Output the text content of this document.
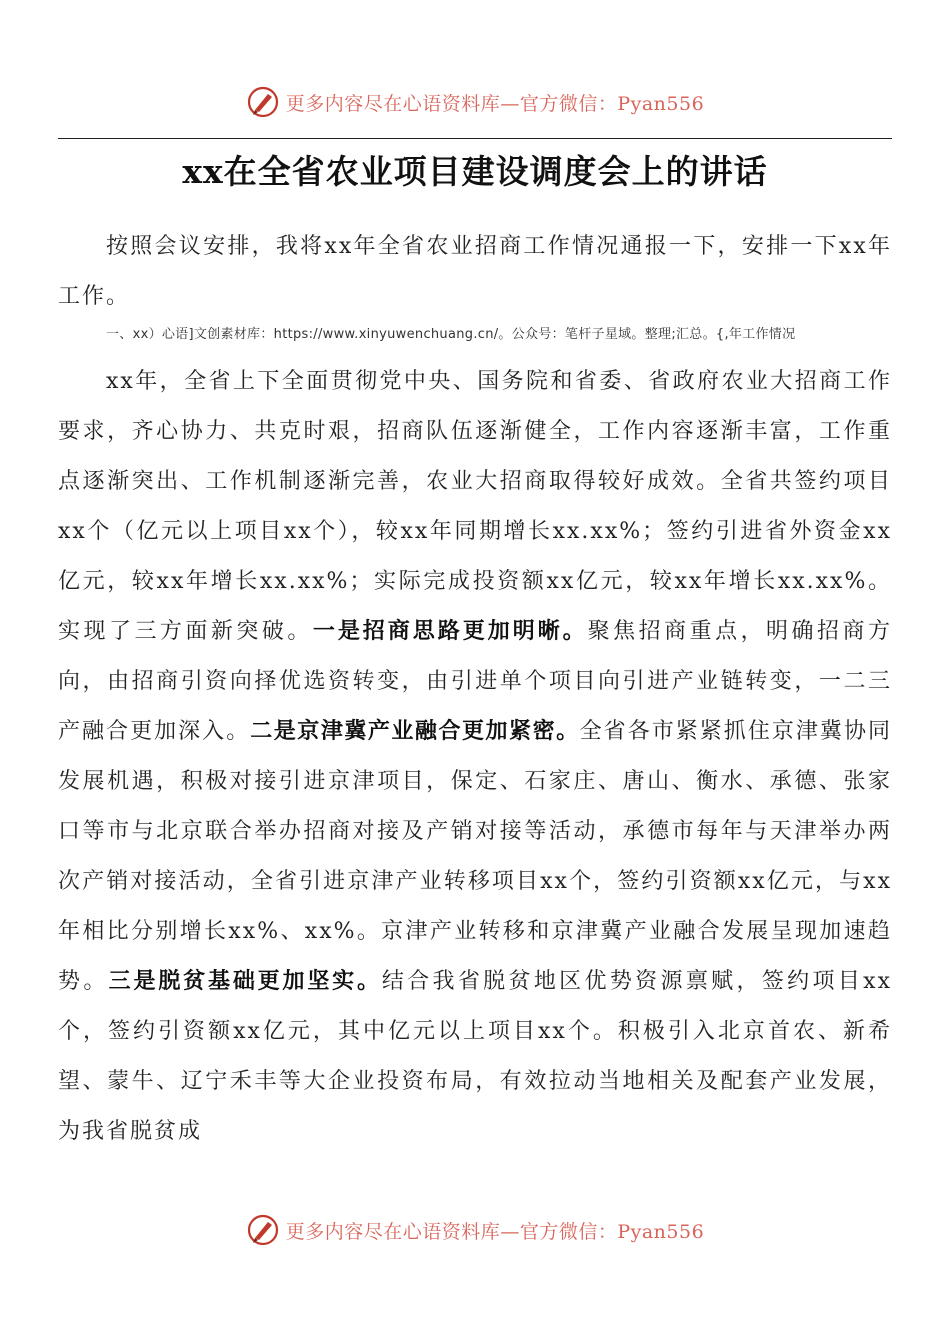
更多内容尽在心语资料库—官方微信：Pyan556
xx在全省农业项目建设调度会上的讲话

按照会议安排，我将xx年全省农业招商工作情况通报一下，安排一下xx年工作。

一、xx）心语]文创素材库：https://www.xinyuwenchuang.cn/。公众号：笔杆子星域。整理;汇总。{,年工作情况

xx年，全省上下全面贯彻党中央、国务院和省委、省政府农业大招商工作要求，齐心协力、共克时艰，招商队伍逐渐健全，工作内容逐渐丰富，工作重点逐渐突出、工作机制逐渐完善，农业大招商取得较好成效。全省共签约项目xx个（亿元以上项目xx个），较xx年同期增长xx.xx%；签约引进省外资金xx亿元，较xx年增长xx.xx%；实际完成投资额xx亿元，较xx年增长xx.xx%。实现了三方面新突破。一是招商思路更加明晰。聚焦招商重点，明确招商方向，由招商引资向择优选资转变，由引进单个项目向引进产业链转变，一二三产融合更加深入。二是京津冀产业融合更加紧密。全省各市紧紧抓住京津冀协同发展机遇，积极对接引进京津项目，保定、石家庄、唐山、衡水、承德、张家口等市与北京联合举办招商对接及产销对接等活动，承德市每年与天津举办两次产销对接活动，全省引进京津产业转移项目xx个，签约引资额xx亿元，与xx年相比分别增长xx%、xx%。京津产业转移和京津冀产业融合发展呈现加速趋势。三是脱贫基础更加坚实。结合我省脱贫地区优势资源禀赋，签约项目xx个，签约引资额xx亿元，其中亿元以上项目xx个。积极引入北京首农、新希望、蒙牛、辽宁禾丰等大企业投资布局，有效拉动当地相关及配套产业发展，为我省脱贫成

更多内容尽在心语资料库—官方微信：Pyan556
